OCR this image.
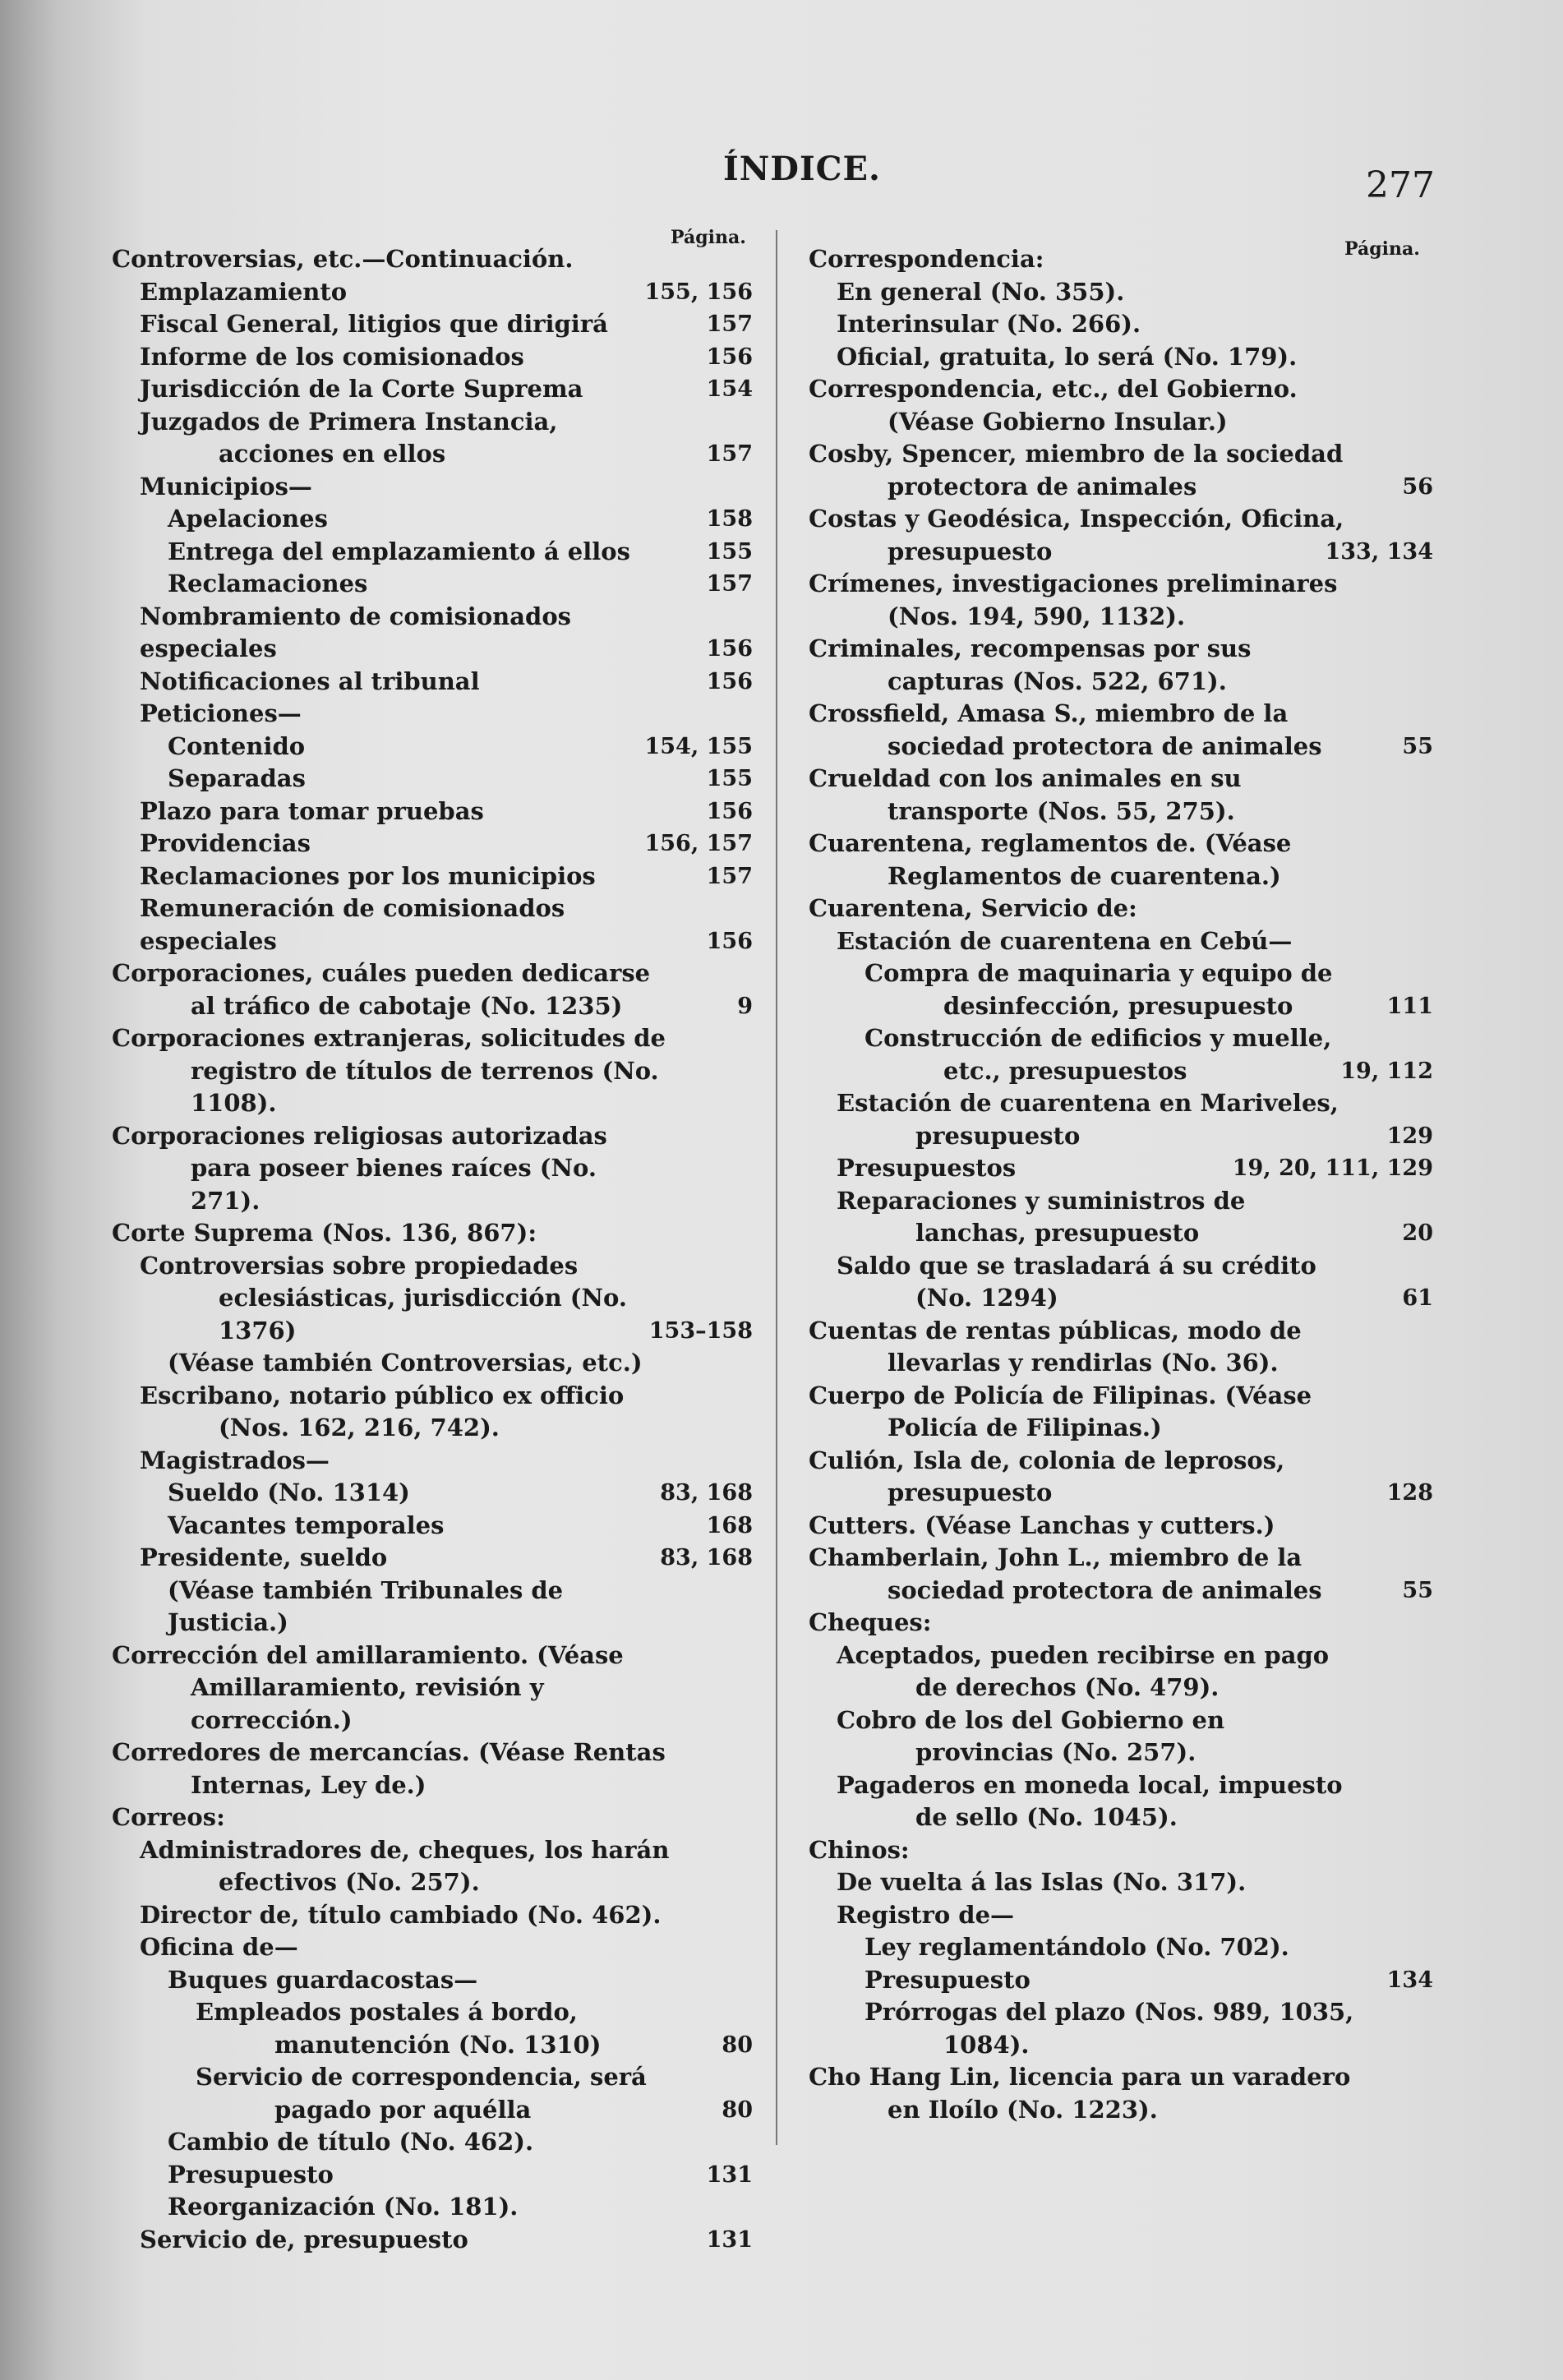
ÍNDICE.	277
Página.
Controversias, etc.—Continuación.
Emplazamiento	155, 156
Fiscal General, litigios que dirigirá	157
Informe de los comisionados	156
Jurisdicción de la Corte Suprema	154
Juzgados de Primera Instancia, acciones en ellos	157
Municipios—
Apelaciones	158
Entrega del emplazamiento á ellos	155
Reclamaciones	157
Nombramiento de comisionados especiales	156
Notificaciones al tribunal	156
Peticiones—
Contenido	154, 155
Separadas	155
Plazo para tomar pruebas	156
Providencias	156, 157
Reclamaciones por los municipios	157
Remuneración de comisionados especiales	156
Corporaciones, cuáles pueden dedicarse al tráfico de cabotaje (No. 1235)	9
Corporaciones extranjeras, solicitudes de registro de títulos de terrenos (No. 1108).
Corporaciones religiosas autorizadas para poseer bienes raíces (No. 271).
Corte Suprema (Nos. 136, 867):
Controversias sobre propiedades eclesiásticas, jurisdicción (No. 1376)	153–158
(Véase también Controversias, etc.)
Escribano, notario público ex officio (Nos. 162, 216, 742).
Magistrados—
Sueldo (No. 1314)	83, 168
Vacantes temporales	168
Presidente, sueldo	83, 168
(Véase también Tribunales de Justicia.)
Corrección del amillaramiento. (Véase Amillaramiento, revisión y corrección.)
Corredores de mercancías. (Véase Rentas Internas, Ley de.)
Correos:
Administradores de, cheques, los harán efectivos (No. 257).
Director de, título cambiado (No. 462).
Oficina de—
Buques guardacostas—
Empleados postales á bordo, manutención (No. 1310)	80
Servicio de correspondencia, será pagado por aquélla	80
Cambio de título (No. 462).
Presupuesto	131
Reorganización (No. 181).
Servicio de, presupuesto	131
Página.
Correspondencia:
En general (No. 355).
Interinsular (No. 266).
Oficial, gratuita, lo será (No. 179).
Correspondencia, etc., del Gobierno. (Véase Gobierno Insular.)
Cosby, Spencer, miembro de la sociedad protectora de animales	56
Costas y Geodésica, Inspección, Oficina, presupuesto	133, 134
Crímenes, investigaciones preliminares (Nos. 194, 590, 1132).
Criminales, recompensas por sus capturas (Nos. 522, 671).
Crossfield, Amasa S., miembro de la sociedad protectora de animales	55
Crueldad con los animales en su transporte (Nos. 55, 275).
Cuarentena, reglamentos de. (Véase Reglamentos de cuarentena.)
Cuarentena, Servicio de:
Estación de cuarentena en Cebú—
Compra de maquinaria y equipo de desinfección, presupuesto	111
Construcción de edificios y muelle, etc., presupuestos	19, 112
Estación de cuarentena en Mariveles, presupuesto	129
Presupuestos	19, 20, 111, 129
Reparaciones y suministros de lanchas, presupuesto	20
Saldo que se trasladará á su crédito (No. 1294)	61
Cuentas de rentas públicas, modo de llevarlas y rendirlas (No. 36).
Cuerpo de Policía de Filipinas. (Véase Policía de Filipinas.)
Culión, Isla de, colonia de leprosos, presupuesto	128
Cutters. (Véase Lanchas y cutters.)
Chamberlain, John L., miembro de la sociedad protectora de animales	55
Cheques:
Aceptados, pueden recibirse en pago de derechos (No. 479).
Cobro de los del Gobierno en provincias (No. 257).
Pagaderos en moneda local, impuesto de sello (No. 1045).
Chinos:
De vuelta á las Islas (No. 317).
Registro de—
Ley reglamentándolo (No. 702).
Presupuesto	134
Prórrogas del plazo (Nos. 989, 1035, 1084).
Cho Hang Lin, licencia para un varadero en Iloílo (No. 1223).
